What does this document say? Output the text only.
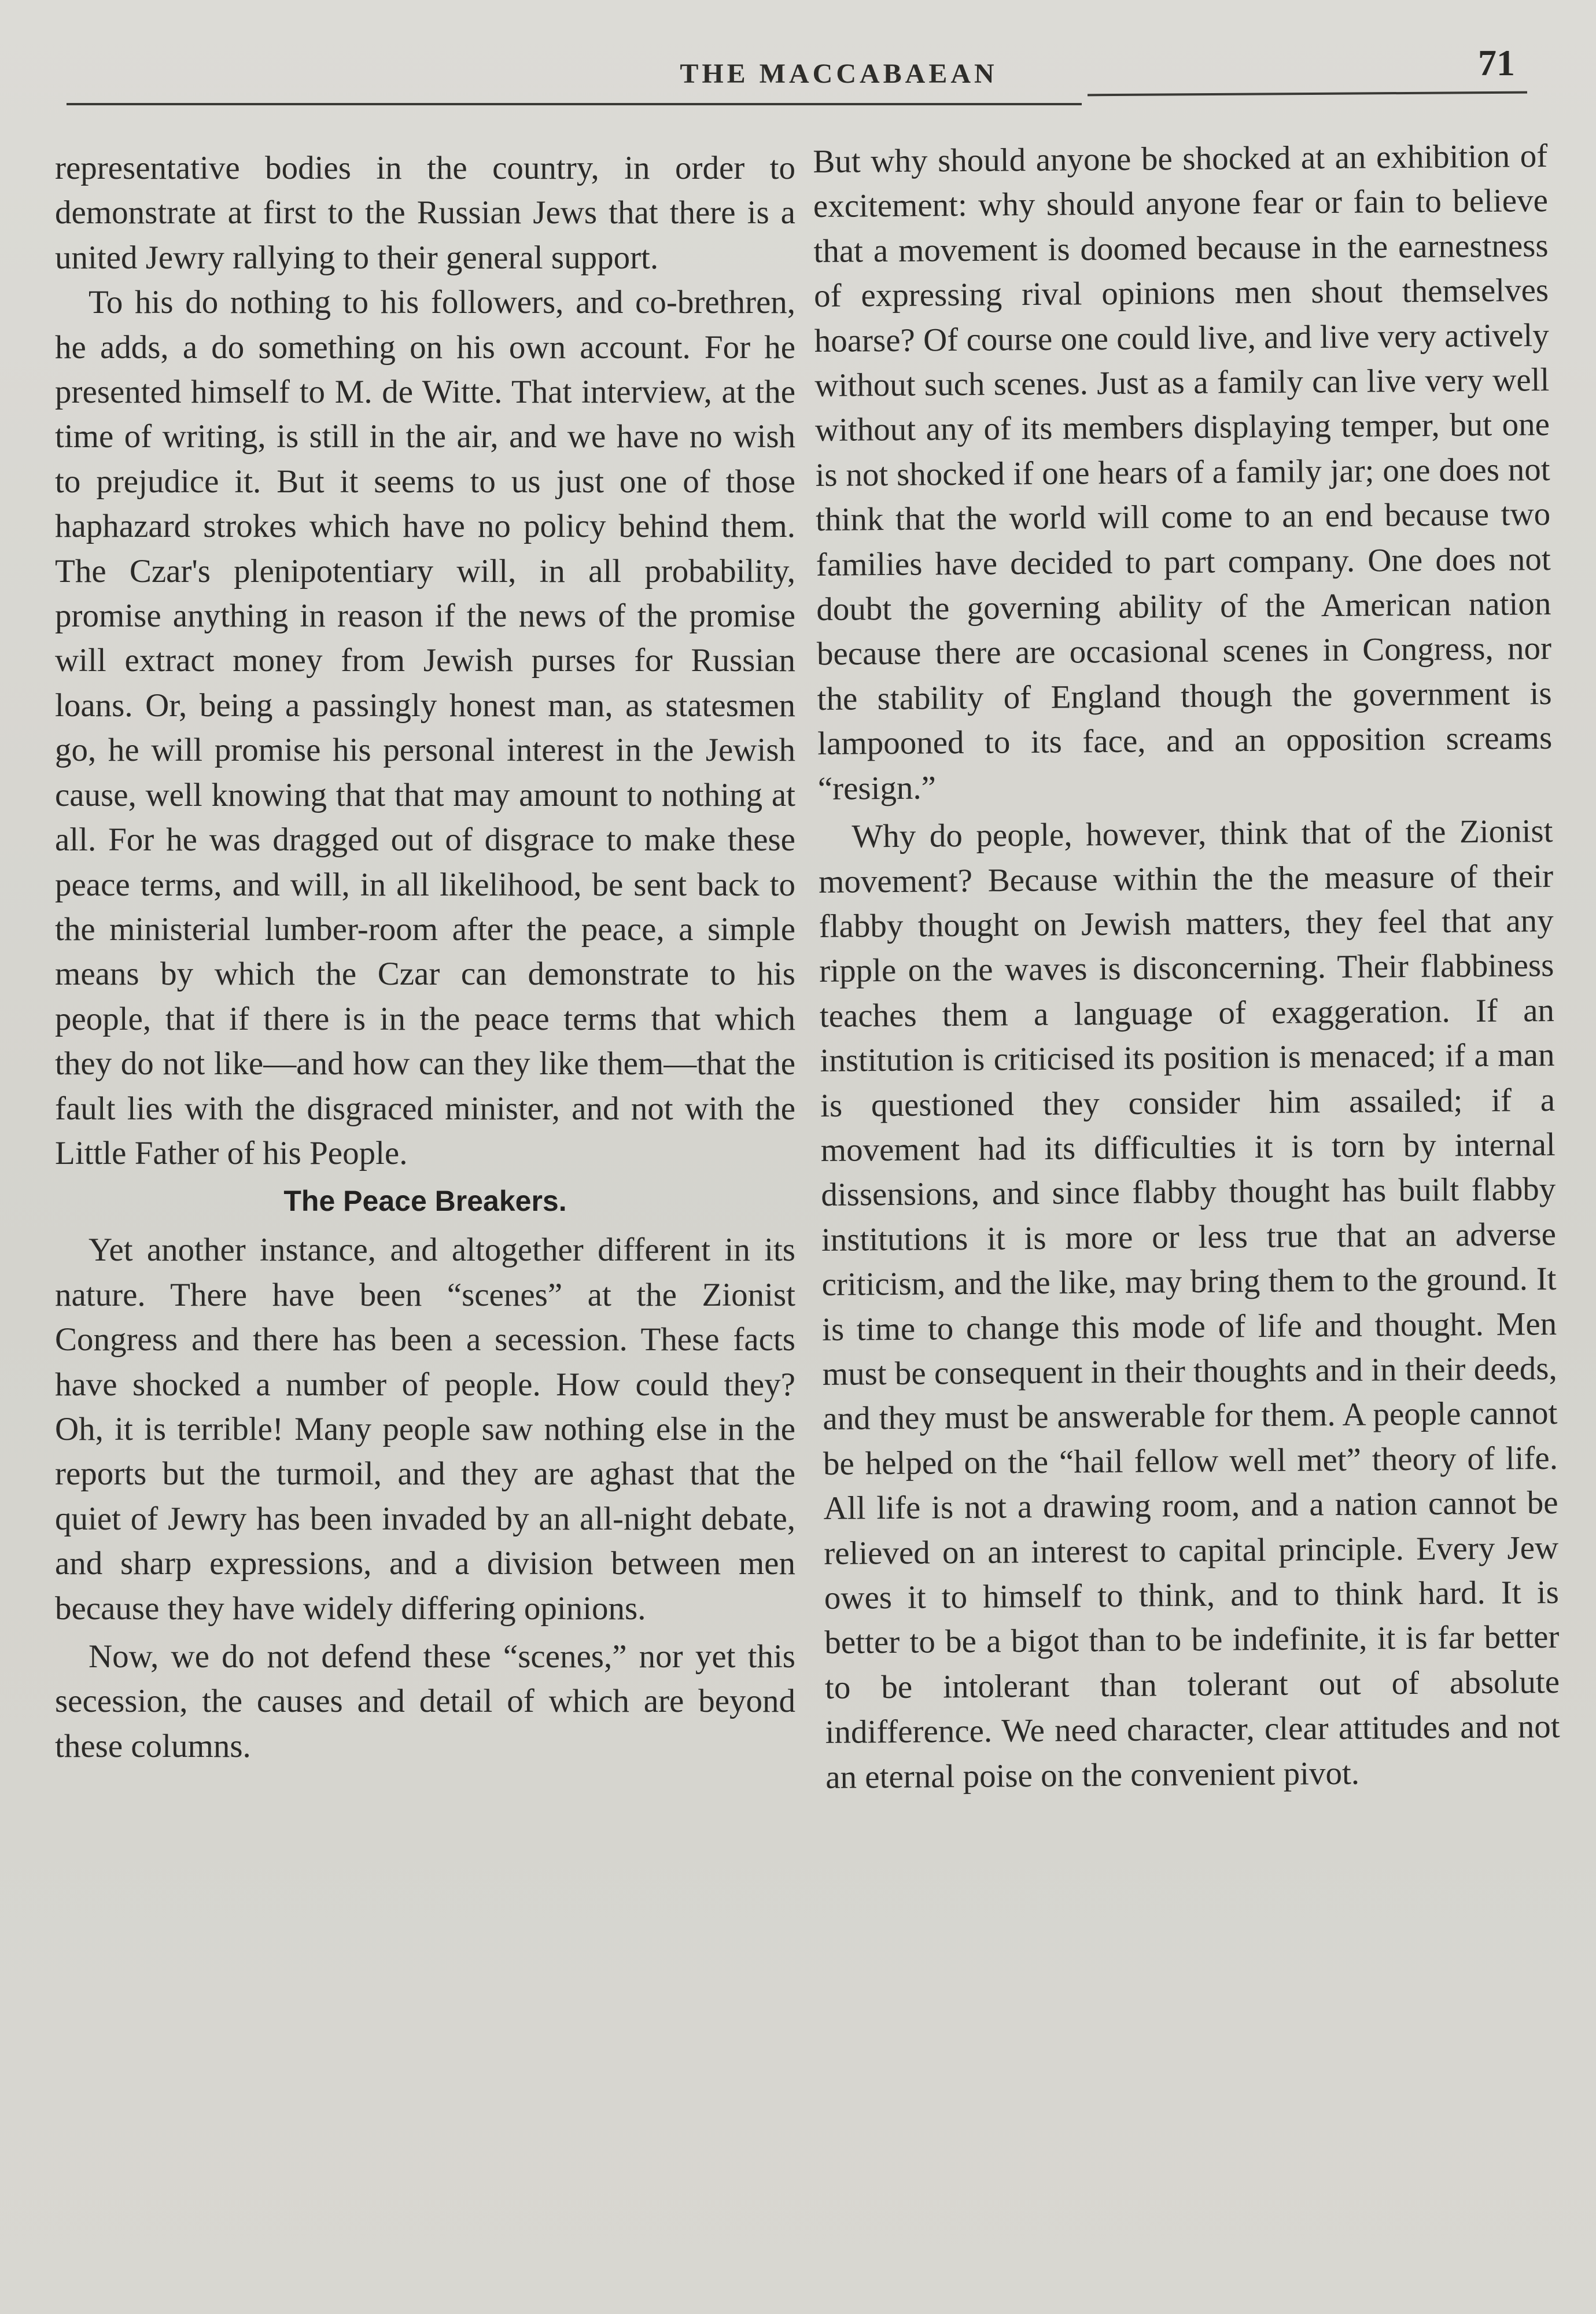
THE MACCABAEAN	71

representative bodies in the country, in order to demonstrate at first to the Russian Jews that there is a united Jewry rallying to their general support.

To his do nothing to his followers, and co-brethren, he adds, a do something on his own account. For he presented himself to M. de Witte. That interview, at the time of writing, is still in the air, and we have no wish to prejudice it. But it seems to us just one of those haphazard strokes which have no policy behind them. The Czar's plenipotentiary will, in all probability, promise anything in reason if the news of the promise will extract money from Jewish purses for Russian loans. Or, being a passingly honest man, as statesmen go, he will promise his personal interest in the Jewish cause, well knowing that that may amount to nothing at all. For he was dragged out of disgrace to make these peace terms, and will, in all likelihood, be sent back to the ministerial lumber-room after the peace, a simple means by which the Czar can demonstrate to his people, that if there is in the peace terms that which they do not like—and how can they like them—that the fault lies with the disgraced minister, and not with the Little Father of his People.

The Peace Breakers.

Yet another instance, and altogether different in its nature. There have been “scenes” at the Zionist Congress and there has been a secession. These facts have shocked a number of people. How could they? Oh, it is terrible! Many people saw nothing else in the reports but the turmoil, and they are aghast that the quiet of Jewry has been invaded by an all-night debate, and sharp expressions, and a division between men because they have widely differing opinions.

Now, we do not defend these “scenes,” nor yet this secession, the causes and detail of which are beyond these columns.

But why should anyone be shocked at an exhibition of excitement: why should anyone fear or fain to believe that a movement is doomed because in the earnestness of expressing rival opinions men shout themselves hoarse? Of course one could live, and live very actively without such scenes. Just as a family can live very well without any of its members displaying temper, but one is not shocked if one hears of a family jar; one does not think that the world will come to an end because two families have decided to part company. One does not doubt the governing ability of the American nation because there are occasional scenes in Congress, nor the stability of England though the government is lampooned to its face, and an opposition screams “resign.”

Why do people, however, think that of the Zionist movement? Because within the the measure of their flabby thought on Jewish matters, they feel that any ripple on the waves is disconcerning. Their flabbiness teaches them a language of exaggeration. If an institution is criticised its position is menaced; if a man is questioned they consider him assailed; if a movement had its difficulties it is torn by internal dissensions, and since flabby thought has built flabby institutions it is more or less true that an adverse criticism, and the like, may bring them to the ground. It is time to change this mode of life and thought. Men must be consequent in their thoughts and in their deeds, and they must be answerable for them. A people cannot be helped on the “hail fellow well met” theory of life. All life is not a drawing room, and a nation cannot be relieved on an interest to capital principle. Every Jew owes it to himself to think, and to think hard. It is better to be a bigot than to be indefinite, it is far better to be intolerant than tolerant out of absolute indifference. We need character, clear attitudes and not an eternal poise on the convenient pivot.
